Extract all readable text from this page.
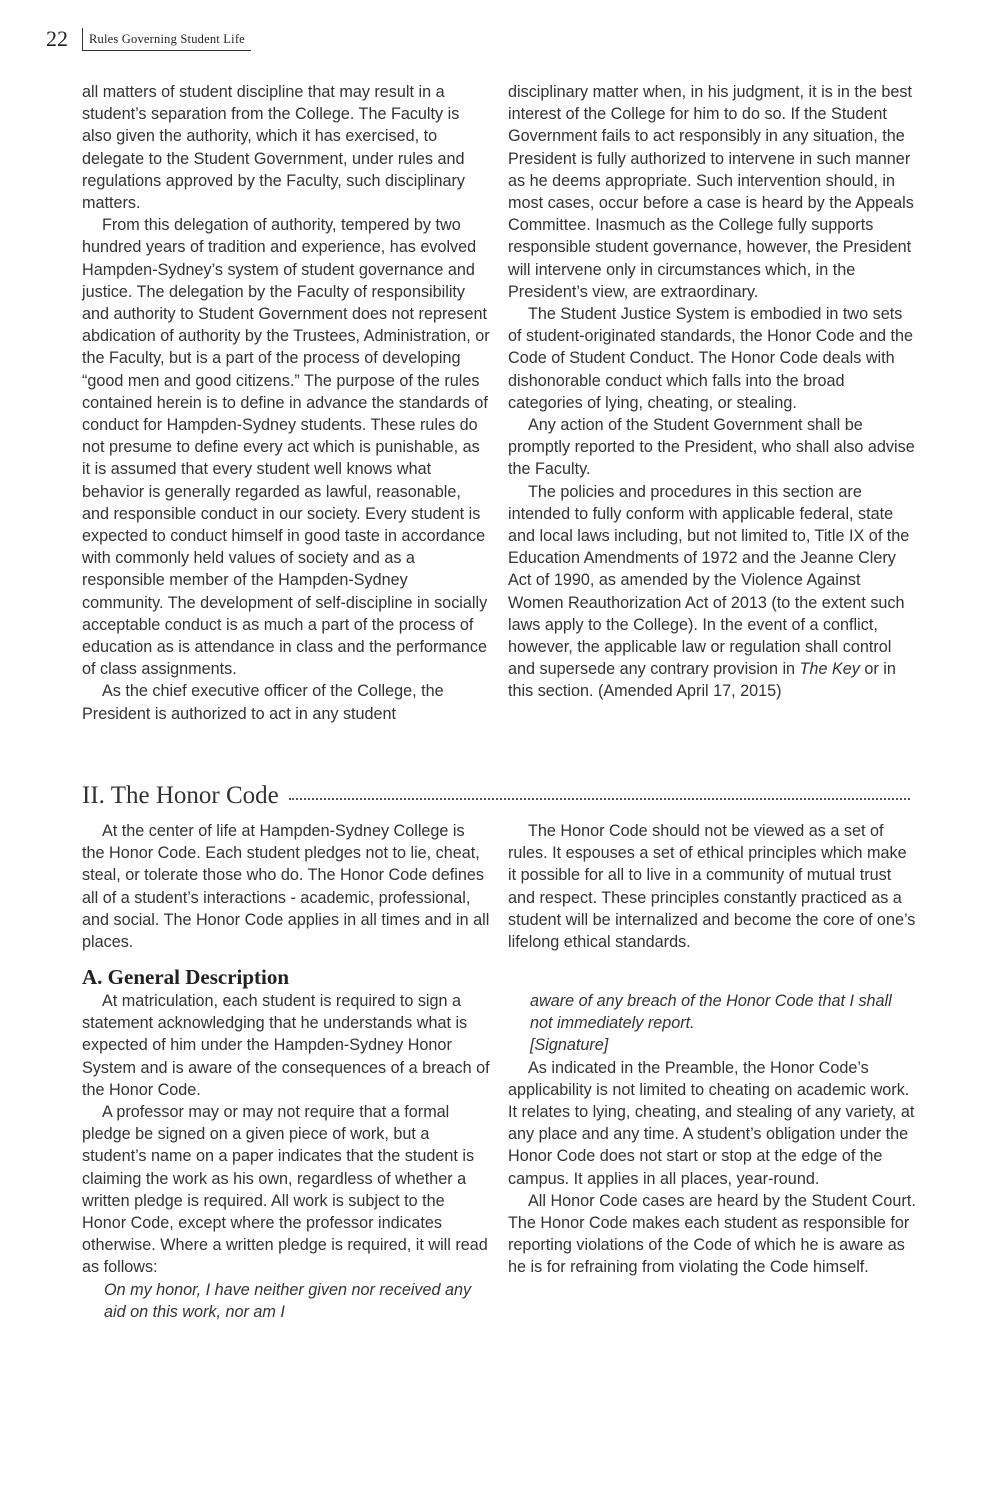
22	Rules Governing Student Life

all matters of student discipline that may result in a student’s separation from the College. The Faculty is also given the authority, which it has exercised, to delegate to the Student Government, under rules and regulations approved by the Faculty, such disciplinary matters.

From this delegation of authority, tempered by two hundred years of tradition and experience, has evolved Hampden-Sydney’s system of student governance and justice. The delegation by the Faculty of responsibility and authority to Student Government does not represent abdication of authority by the Trustees, Administration, or the Faculty, but is a part of the process of developing “good men and good citizens.” The purpose of the rules contained herein is to define in advance the standards of conduct for Hampden-Sydney students. These rules do not presume to define every act which is punishable, as it is assumed that every student well knows what behavior is generally regarded as lawful, reasonable, and responsible conduct in our society. Every student is expected to conduct himself in good taste in accordance with commonly held values of society and as a responsible member of the Hampden-Sydney community. The development of self-discipline in socially acceptable conduct is as much a part of the process of education as is attendance in class and the performance of class assignments.

As the chief executive officer of the College, the President is authorized to act in any student

disciplinary matter when, in his judgment, it is in the best interest of the College for him to do so. If the Student Government fails to act responsibly in any situation, the President is fully authorized to intervene in such manner as he deems appropriate. Such intervention should, in most cases, occur before a case is heard by the Appeals Committee. Inasmuch as the College fully supports responsible student governance, however, the President will intervene only in circumstances which, in the President’s view, are extraordinary.

The Student Justice System is embodied in two sets of student-originated standards, the Honor Code and the Code of Student Conduct. The Honor Code deals with dishonorable conduct which falls into the broad categories of lying, cheating, or stealing.

Any action of the Student Government shall be promptly reported to the President, who shall also advise the Faculty.

The policies and procedures in this section are intended to fully conform with applicable federal, state and local laws including, but not limited to, Title IX of the Education Amendments of 1972 and the Jeanne Clery Act of 1990, as amended by the Violence Against Women Reauthorization Act of 2013 (to the extent such laws apply to the College). In the event of a conflict, however, the applicable law or regulation shall control and supersede any contrary provision in The Key or in this section. (Amended April 17, 2015)

II. The Honor Code

At the center of life at Hampden-Sydney College is the Honor Code. Each student pledges not to lie, cheat, steal, or tolerate those who do. The Honor Code defines all of a student’s interactions - academic, professional, and social. The Honor Code applies in all times and in all places.

The Honor Code should not be viewed as a set of rules. It espouses a set of ethical principles which make it possible for all to live in a community of mutual trust and respect. These principles constantly practiced as a student will be internalized and become the core of one’s lifelong ethical standards.

A. General Description

At matriculation, each student is required to sign a statement acknowledging that he understands what is expected of him under the Hampden-Sydney Honor System and is aware of the consequences of a breach of the Honor Code.

A professor may or may not require that a formal pledge be signed on a given piece of work, but a student’s name on a paper indicates that the student is claiming the work as his own, regardless of whether a written pledge is required. All work is subject to the Honor Code, except where the professor indicates otherwise. Where a written pledge is required, it will read as follows:

On my honor, I have neither given nor received any aid on this work, nor am I

aware of any breach of the Honor Code that I shall not immediately report.

[Signature]

As indicated in the Preamble, the Honor Code’s applicability is not limited to cheating on academic work. It relates to lying, cheating, and stealing of any variety, at any place and any time. A student’s obligation under the Honor Code does not start or stop at the edge of the campus. It applies in all places, year-round.

All Honor Code cases are heard by the Student Court. The Honor Code makes each student as responsible for reporting violations of the Code of which he is aware as he is for refraining from violating the Code himself.
